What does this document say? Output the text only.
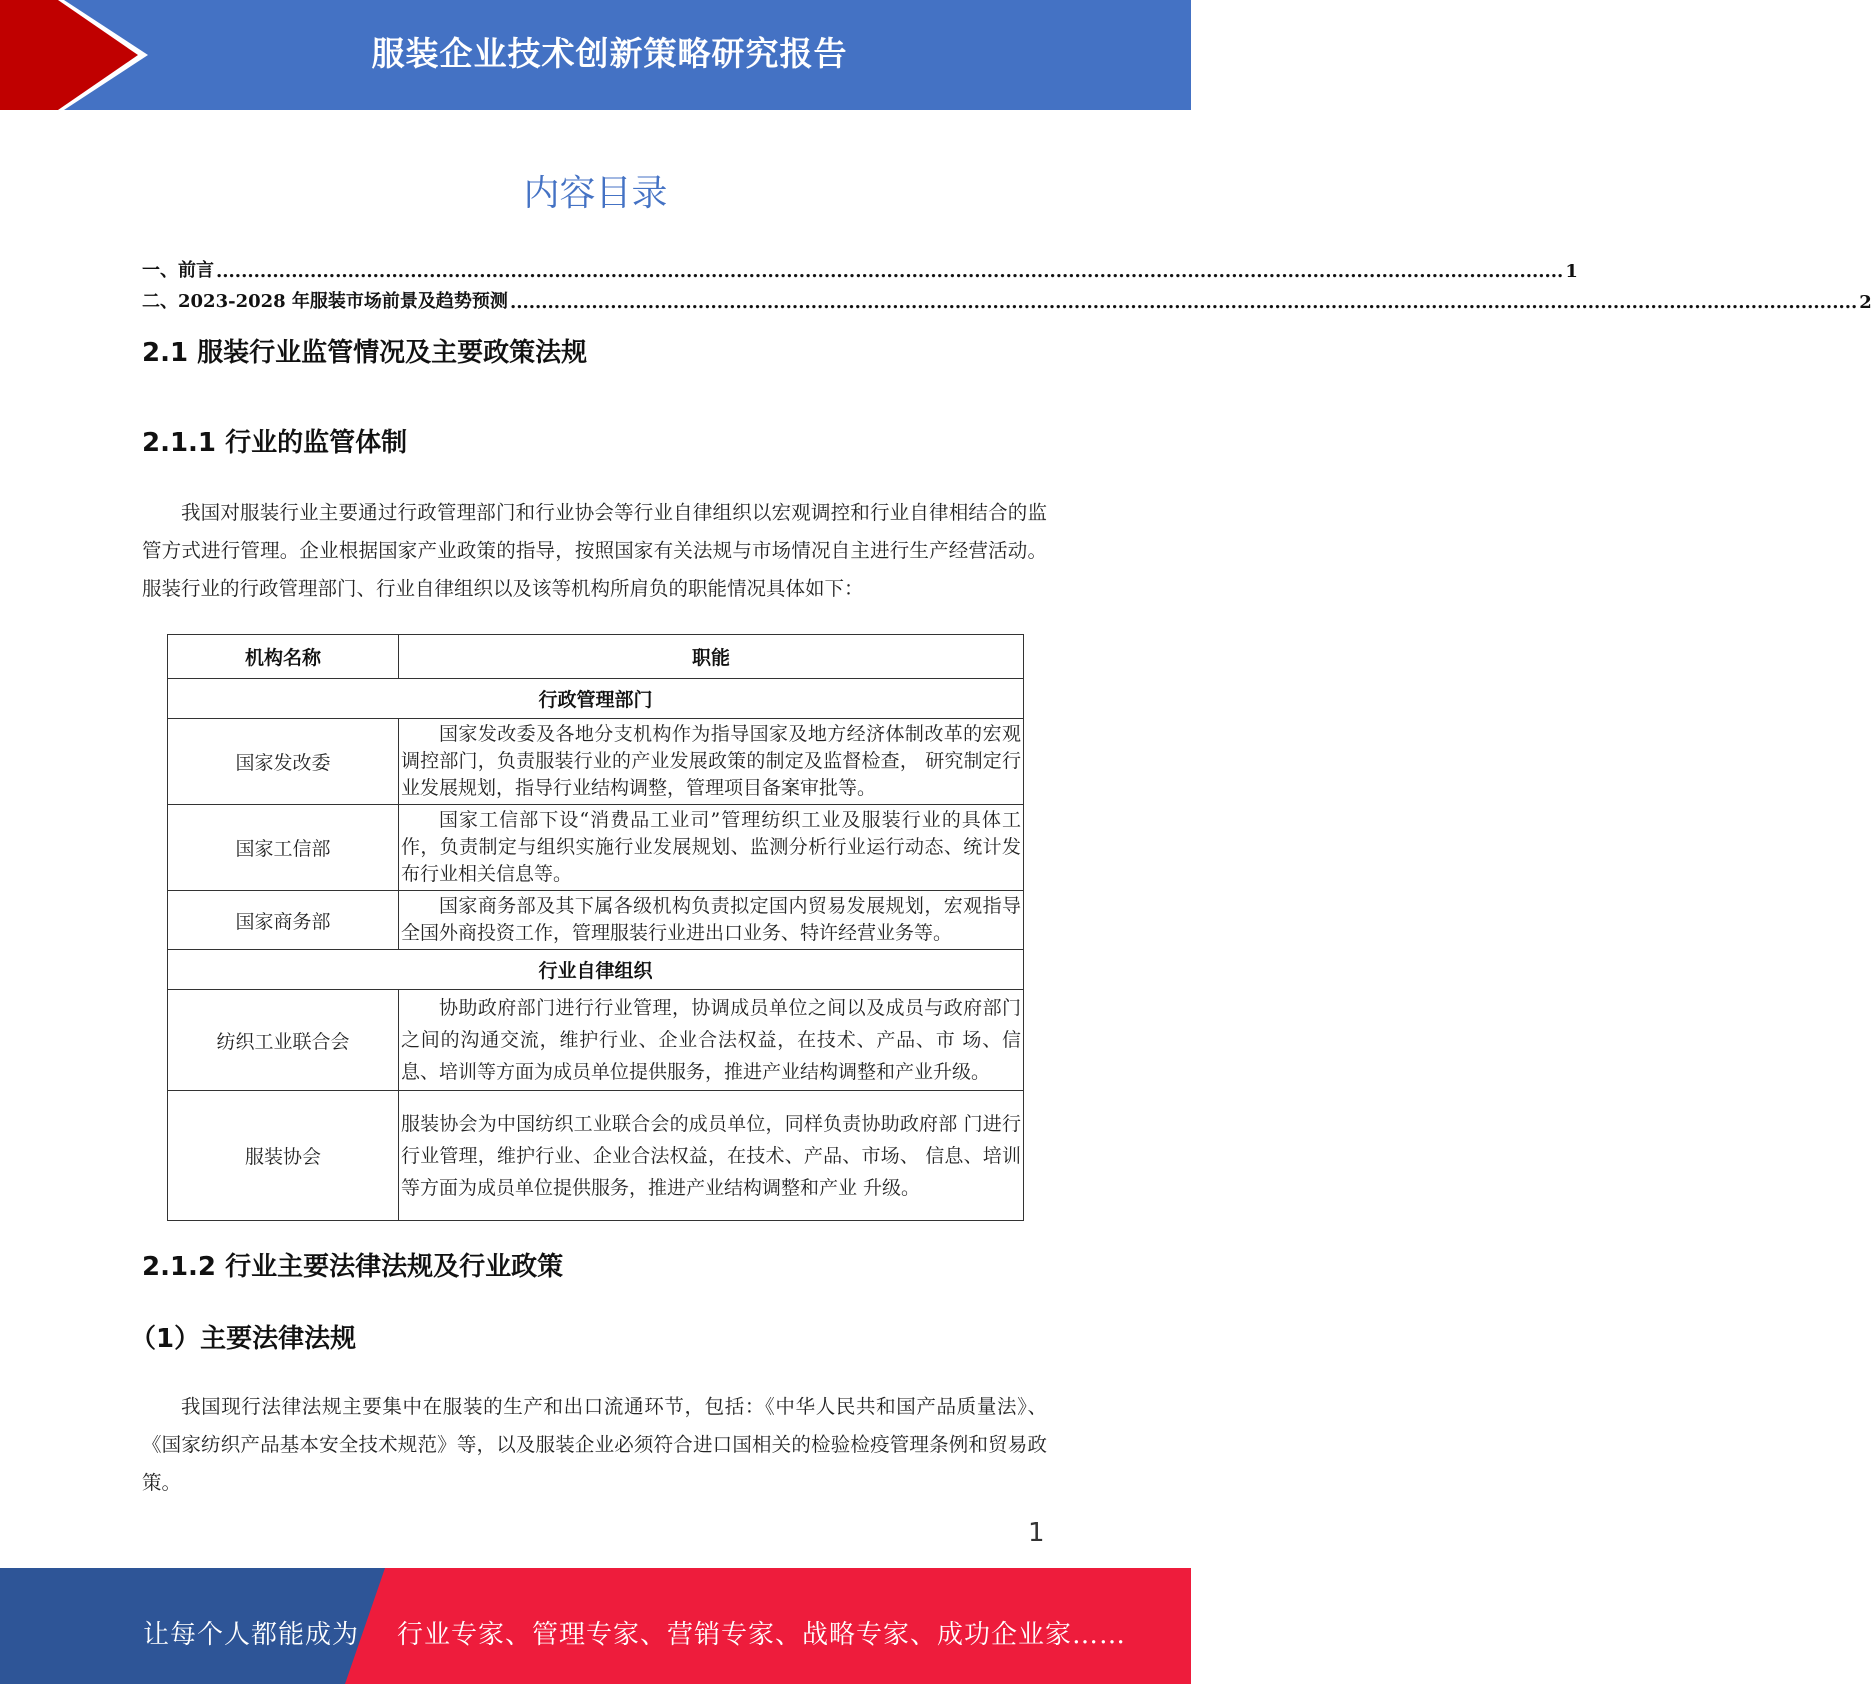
服装企业技术创新策略研究报告
内容目录
一、前言 ....................................................................................................................................................................................................................... 1
二、2023-2028 年服装市场前景及趋势预测 ....................................................................................................................................................................................................................... 2
2.1 服装行业监管情况及主要政策法规
2.1.1 行业的监管体制
我国对服装行业主要通过行政管理部门和行业协会等行业自律组织以宏观调控和行业自律相结合的监管方式进行管理。企业根据国家产业政策的指导，按照国家有关法规与市场情况自主进行生产经营活动。服装行业的行政管理部门、行业自律组织以及该等机构所肩负的职能情况具体如下：
机构名称	职能
行政管理部门	
国家发改委	国家发改委及各地分支机构作为指导国家及地方经济体制改革的宏观调控部门，负责服装行业的产业发展政策的制定及监督检查， 研究制定行业发展规划，指导行业结构调整，管理项目备案审批等。
国家工信部	国家工信部下设“消费品工业司”管理纺织工业及服装行业的具体工作，负责制定与组织实施行业发展规划、监测分析行业运行动态、统计发布行业相关信息等。
国家商务部	国家商务部及其下属各级机构负责拟定国内贸易发展规划，宏观指导全国外商投资工作，管理服装行业进出口业务、特许经营业务等。
行业自律组织	
纺织工业联合会	协助政府部门进行行业管理，协调成员单位之间以及成员与政府部门之间的沟通交流，维护行业、企业合法权益，在技术、产品、市 场、信息、培训等方面为成员单位提供服务，推进产业结构调整和产业升级。
服装协会	服装协会为中国纺织工业联合会的成员单位，同样负责协助政府部 门进行行业管理，维护行业、企业合法权益，在技术、产品、市场、 信息、培训等方面为成员单位提供服务，推进产业结构调整和产业 升级。
2.1.2 行业主要法律法规及行业政策
（1）主要法律法规
我国现行法律法规主要集中在服装的生产和出口流通环节，包括：《中华人民共和国产品质量法》、《国家纺织产品基本安全技术规范》等，以及服装企业必须符合进口国相关的检验检疫管理条例和贸易政策。
1
让每个人都能成为 行业专家、管理专家、营销专家、战略专家、成功企业家……
